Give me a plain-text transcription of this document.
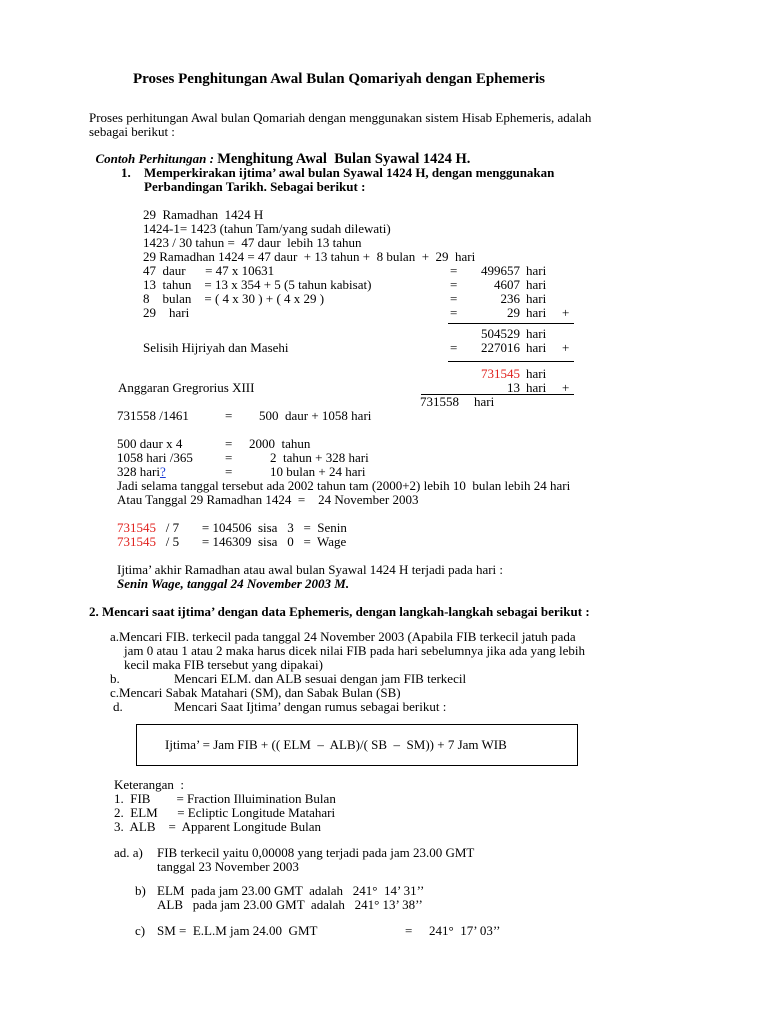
Proses Penghitungan Awal Bulan Qomariyah dengan Ephemeris
Proses perhitungan Awal bulan Qomariah dengan menggunakan sistem Hisab Ephemeris, adalah
sebagai berikut :

Contoh Perhitungan : Menghitung Awal  Bulan Syawal 1424 H.

1. Memperkirakan ijtima’ awal bulan Syawal 1424 H, dengan menggunakan
Perbandingan Tarikh. Sebagai berikut :
29  Ramadhan  1424 H
1424-1= 1423 (tahun Tam/yang sudah dilewati)
1423 / 30 tahun =  47 daur  lebih 13 tahun
29 Ramadhan 1424 = 47 daur  + 13 tahun +  8 bulan  +  29  hari
47  daur      = 47 x 10631	=	499657 hari
13  tahun    = 13 x 354 + 5 (5 tahun kabisat)	=	4607 hari
8    bulan    = ( 4 x 30 ) + ( 4 x 29 )	=	236 hari
29    hari	=	29 hari +
504529 hari
Selisih Hijriyah dan Masehi	=	227016 hari +
731545 hari
Anggaran Gregrorius XIII	13 hari +
731558 hari
731558 /1461	= 500  daur + 1058 hari
500 daur x 4	= 2000  tahun
1058 hari /365 =	2  tahun + 328 hari
328 hari?	=	10 bulan + 24 hari
Jadi selama tanggal tersebut ada 2002 tahun tam (2000+2) lebih 10  bulan lebih 24 hari
Atau Tanggal 29 Ramadhan 1424  =    24 November 2003
731545 / 7       = 104506  sisa   3   =  Senin
731545 / 5       = 146309  sisa   0   =  Wage
Ijtima’ akhir Ramadhan atau awal bulan Syawal 1424 H terjadi pada hari :
Senin Wage, tanggal 24 November 2003 M.
2. Mencari saat ijtima’ dengan data Ephemeris, dengan langkah-langkah sebagai berikut :
a.Mencari FIB. terkecil pada tanggal 24 November 2003 (Apabila FIB terkecil jatuh pada
jam 0 atau 1 atau 2 maka harus dicek nilai FIB pada hari sebelumnya jika ada yang lebih
kecil maka FIB tersebut yang dipakai)
b.	Mencari ELM. dan ALB sesuai dengan jam FIB terkecil
c.Mencari Sabak Matahari (SM), dan Sabak Bulan (SB)
d.	Mencari Saat Ijtima’ dengan rumus sebagai berikut :
Ijtima’ = Jam FIB + (( ELM  –  ALB)/( SB  –  SM)) + 7 Jam WIB
Keterangan  :
1.  FIB        = Fraction Illuimination Bulan
2.  ELM      = Ecliptic Longitude Matahari
3.  ALB    =  Apparent Longitude Bulan
ad. a) FIB terkecil yaitu 0,00008 yang terjadi pada jam 23.00 GMT
tanggal 23 November 2003
b) ELM  pada jam 23.00 GMT  adalah   241°  14’ 31’’
ALB   pada jam 23.00 GMT  adalah   241° 13’ 38’’
c) SM =  E.L.M jam 24.00  GMT	= 241°  17’ 03’’
